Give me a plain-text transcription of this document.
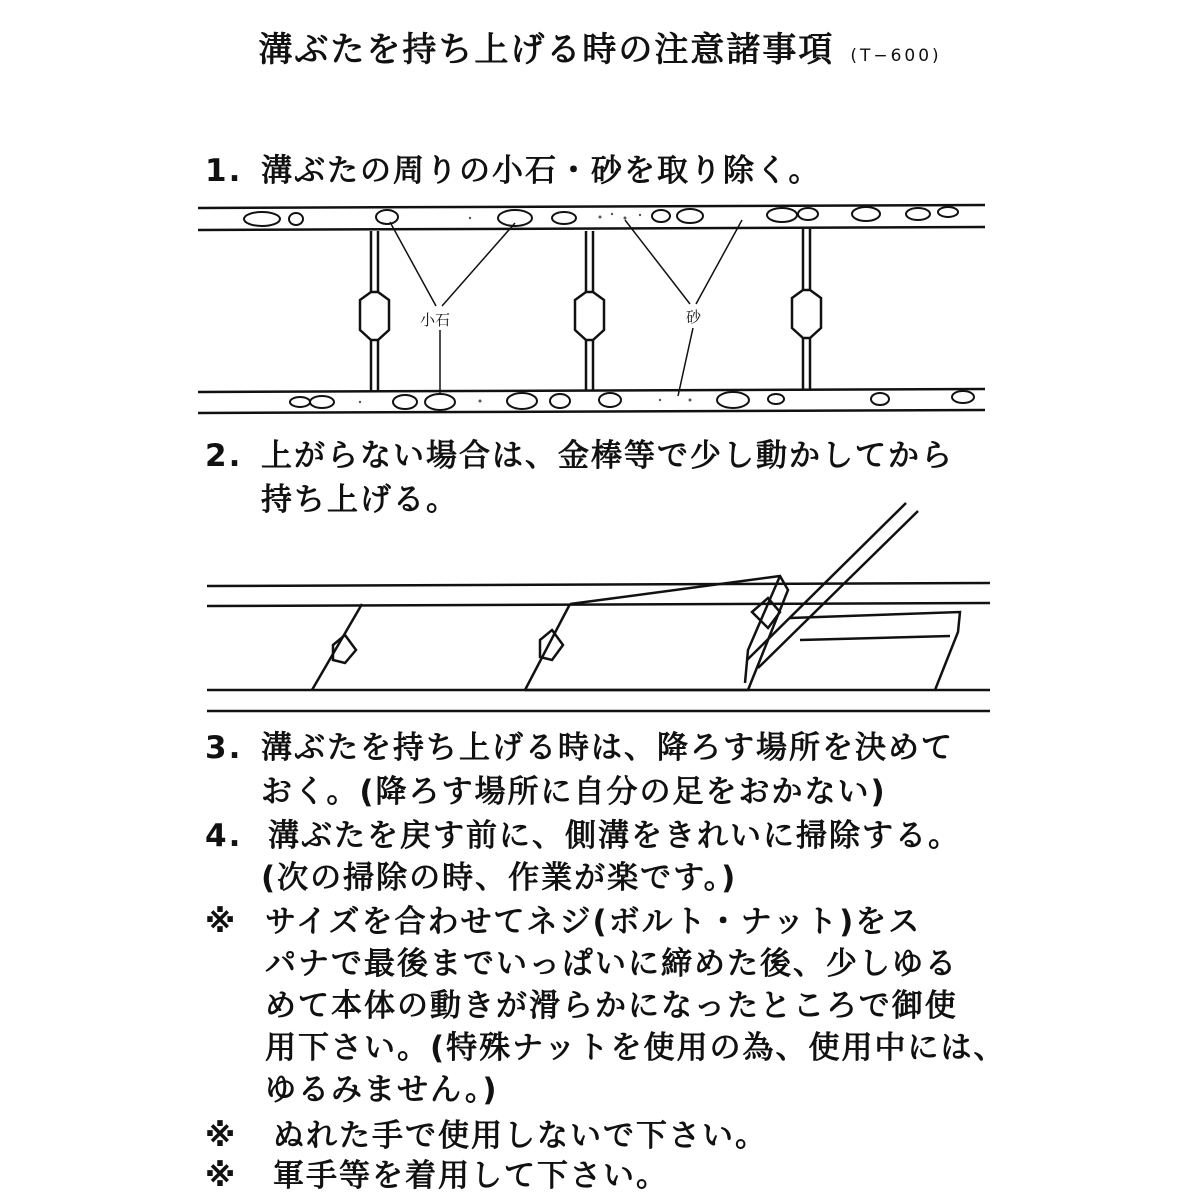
溝ぶたを持ち上げる時の注意諸事項 (T−600)
1. 溝ぶたの周りの小石・砂を取り除く。
小石	砂
2. 上がらない場合は、金棒等で少し動かしてから
持ち上げる。
3. 溝ぶたを持ち上げる時は、降ろす場所を決めて
おく。(降ろす場所に自分の足をおかない)
4. 溝ぶたを戻す前に、側溝をきれいに掃除する。
(次の掃除の時、作業が楽です。)
※ サイズを合わせてネジ(ボルト・ナット)をス
パナで最後までいっぱいに締めた後、少しゆる
めて本体の動きが滑らかになったところで御使
用下さい。(特殊ナットを使用の為、使用中には、
ゆるみません。)
※ ぬれた手で使用しないで下さい。
※ 軍手等を着用して下さい。
